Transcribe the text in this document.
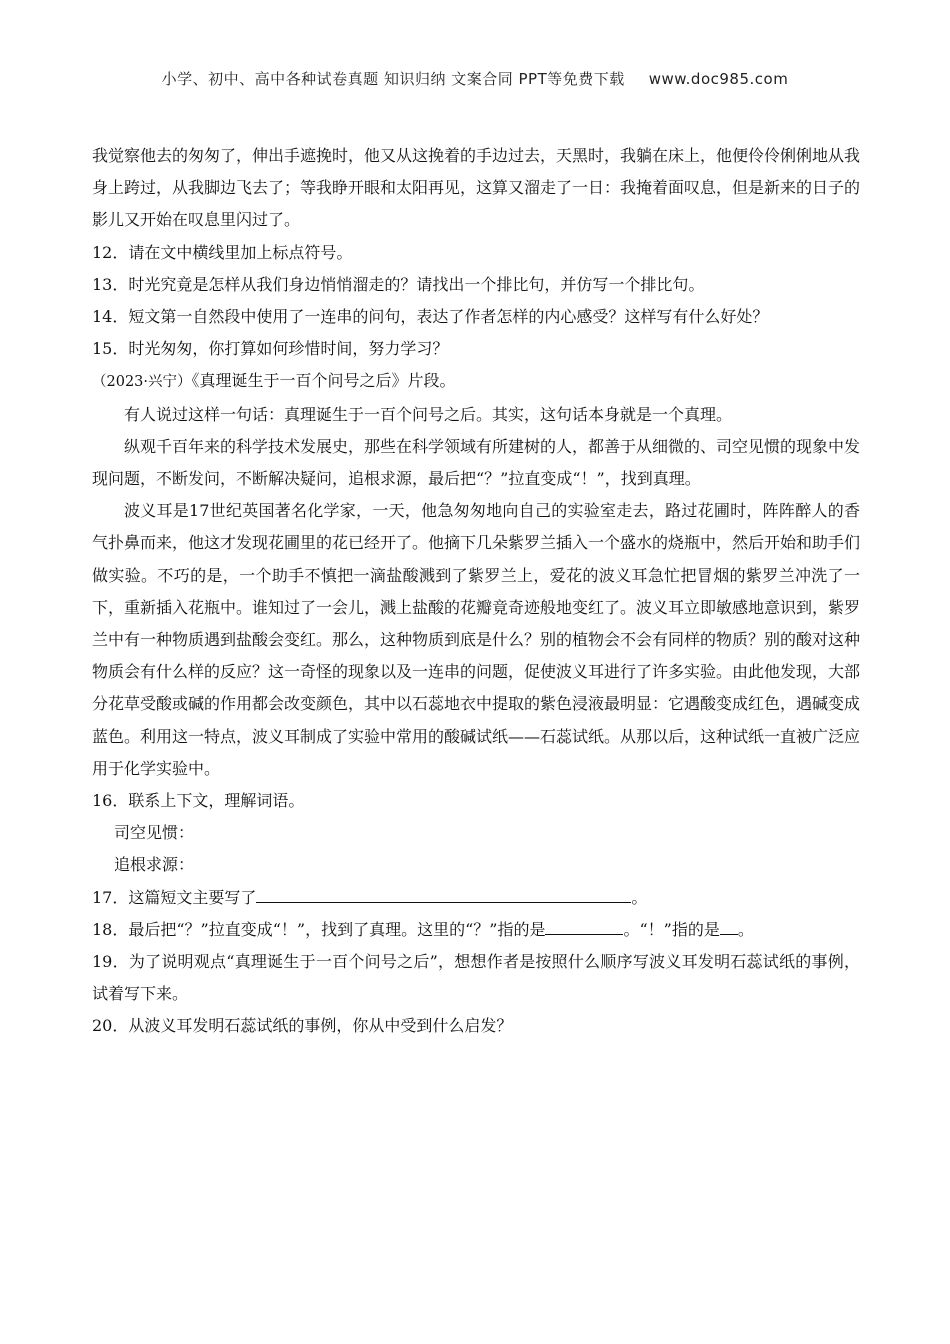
小学、初中、高中各种试卷真题 知识归纳 文案合同 PPT等免费下载 www.doc985.com

我觉察他去的匆匆了，伸出手遮挽时，他又从这挽着的手边过去，天黑时，我躺在床上，他便伶伶俐俐地从我身上跨过，从我脚边飞去了；等我睁开眼和太阳再见，这算又溜走了一日：我掩着面叹息，但是新来的日子的影儿又开始在叹息里闪过了。

12．请在文中横线里加上标点符号。

13．时光究竟是怎样从我们身边悄悄溜走的？请找出一个排比句，并仿写一个排比句。

14．短文第一自然段中使用了一连串的问句，表达了作者怎样的内心感受？这样写有什么好处？

15．时光匆匆，你打算如何珍惜时间，努力学习？

（2023·兴宁）《真理诞生于一百个问号之后》片段。

有人说过这样一句话：真理诞生于一百个问号之后。其实，这句话本身就是一个真理。

纵观千百年来的科学技术发展史，那些在科学领域有所建树的人，都善于从细微的、司空见惯的现象中发现问题，不断发问，不断解决疑问，追根求源，最后把“？”拉直变成“！”，找到真理。

波义耳是17世纪英国著名化学家，一天，他急匆匆地向自己的实验室走去，路过花圃时，阵阵醉人的香气扑鼻而来，他这才发现花圃里的花已经开了。他摘下几朵紫罗兰插入一个盛水的烧瓶中，然后开始和助手们做实验。不巧的是，一个助手不慎把一滴盐酸溅到了紫罗兰上，爱花的波义耳急忙把冒烟的紫罗兰冲洗了一下，重新插入花瓶中。谁知过了一会儿，溅上盐酸的花瓣竟奇迹般地变红了。波义耳立即敏感地意识到，紫罗兰中有一种物质遇到盐酸会变红。那么，这种物质到底是什么？别的植物会不会有同样的物质？别的酸对这种物质会有什么样的反应？这一奇怪的现象以及一连串的问题，促使波义耳进行了许多实验。由此他发现，大部分花草受酸或碱的作用都会改变颜色，其中以石蕊地衣中提取的紫色浸液最明显：它遇酸变成红色，遇碱变成蓝色。利用这一特点，波义耳制成了实验中常用的酸碱试纸——石蕊试纸。从那以后，这种试纸一直被广泛应用于化学实验中。

16．联系上下文，理解词语。

司空见惯：

追根求源：

17．这篇短文主要写了	。

18．最后把“？”拉直变成“！”，找到了真理。这里的“？”指的是	。“！”指的是 。

19．为了说明观点“真理诞生于一百个问号之后”，想想作者是按照什么顺序写波义耳发明石蕊试纸的事例，试着写下来。

20．从波义耳发明石蕊试纸的事例，你从中受到什么启发？
